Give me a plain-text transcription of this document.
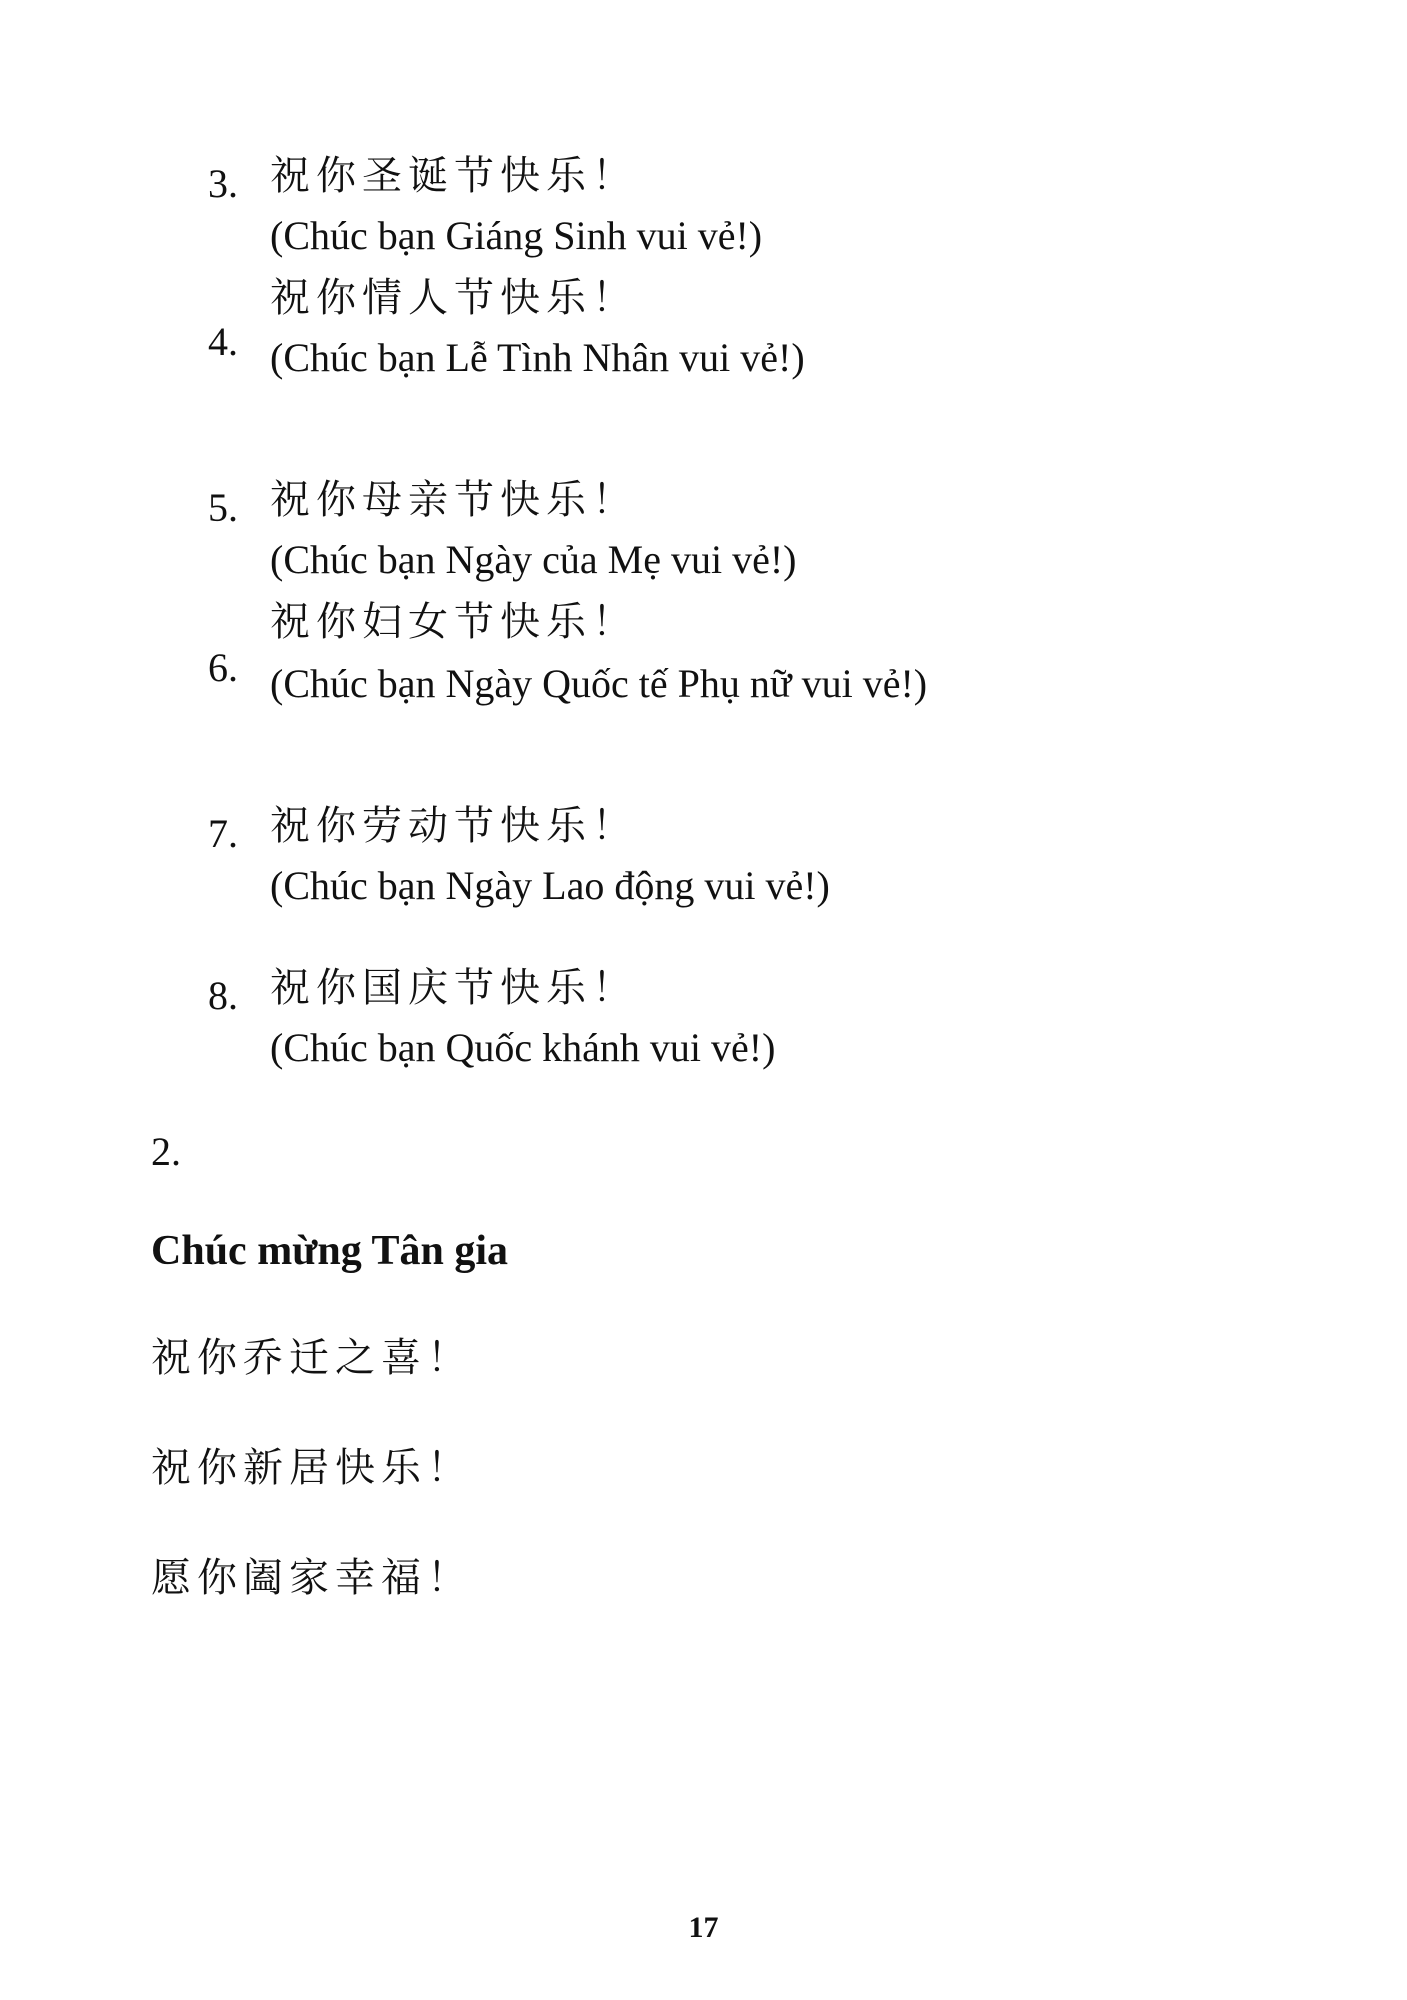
3. 祝你圣诞节快乐！
(Chúc bạn Giáng Sinh vui vẻ!)
祝你情人节快乐！
4. (Chúc bạn Lễ Tình Nhân vui vẻ!)
5. 祝你母亲节快乐！
(Chúc bạn Ngày của Mẹ vui vẻ!)
祝你妇女节快乐！
6. (Chúc bạn Ngày Quốc tế Phụ nữ vui vẻ!)
7. 祝你劳动节快乐！
(Chúc bạn Ngày Lao động vui vẻ!)
8. 祝你国庆节快乐！
(Chúc bạn Quốc khánh vui vẻ!)
2.
Chúc mừng Tân gia
祝你乔迁之喜！
祝你新居快乐！
愿你阖家幸福！
17
